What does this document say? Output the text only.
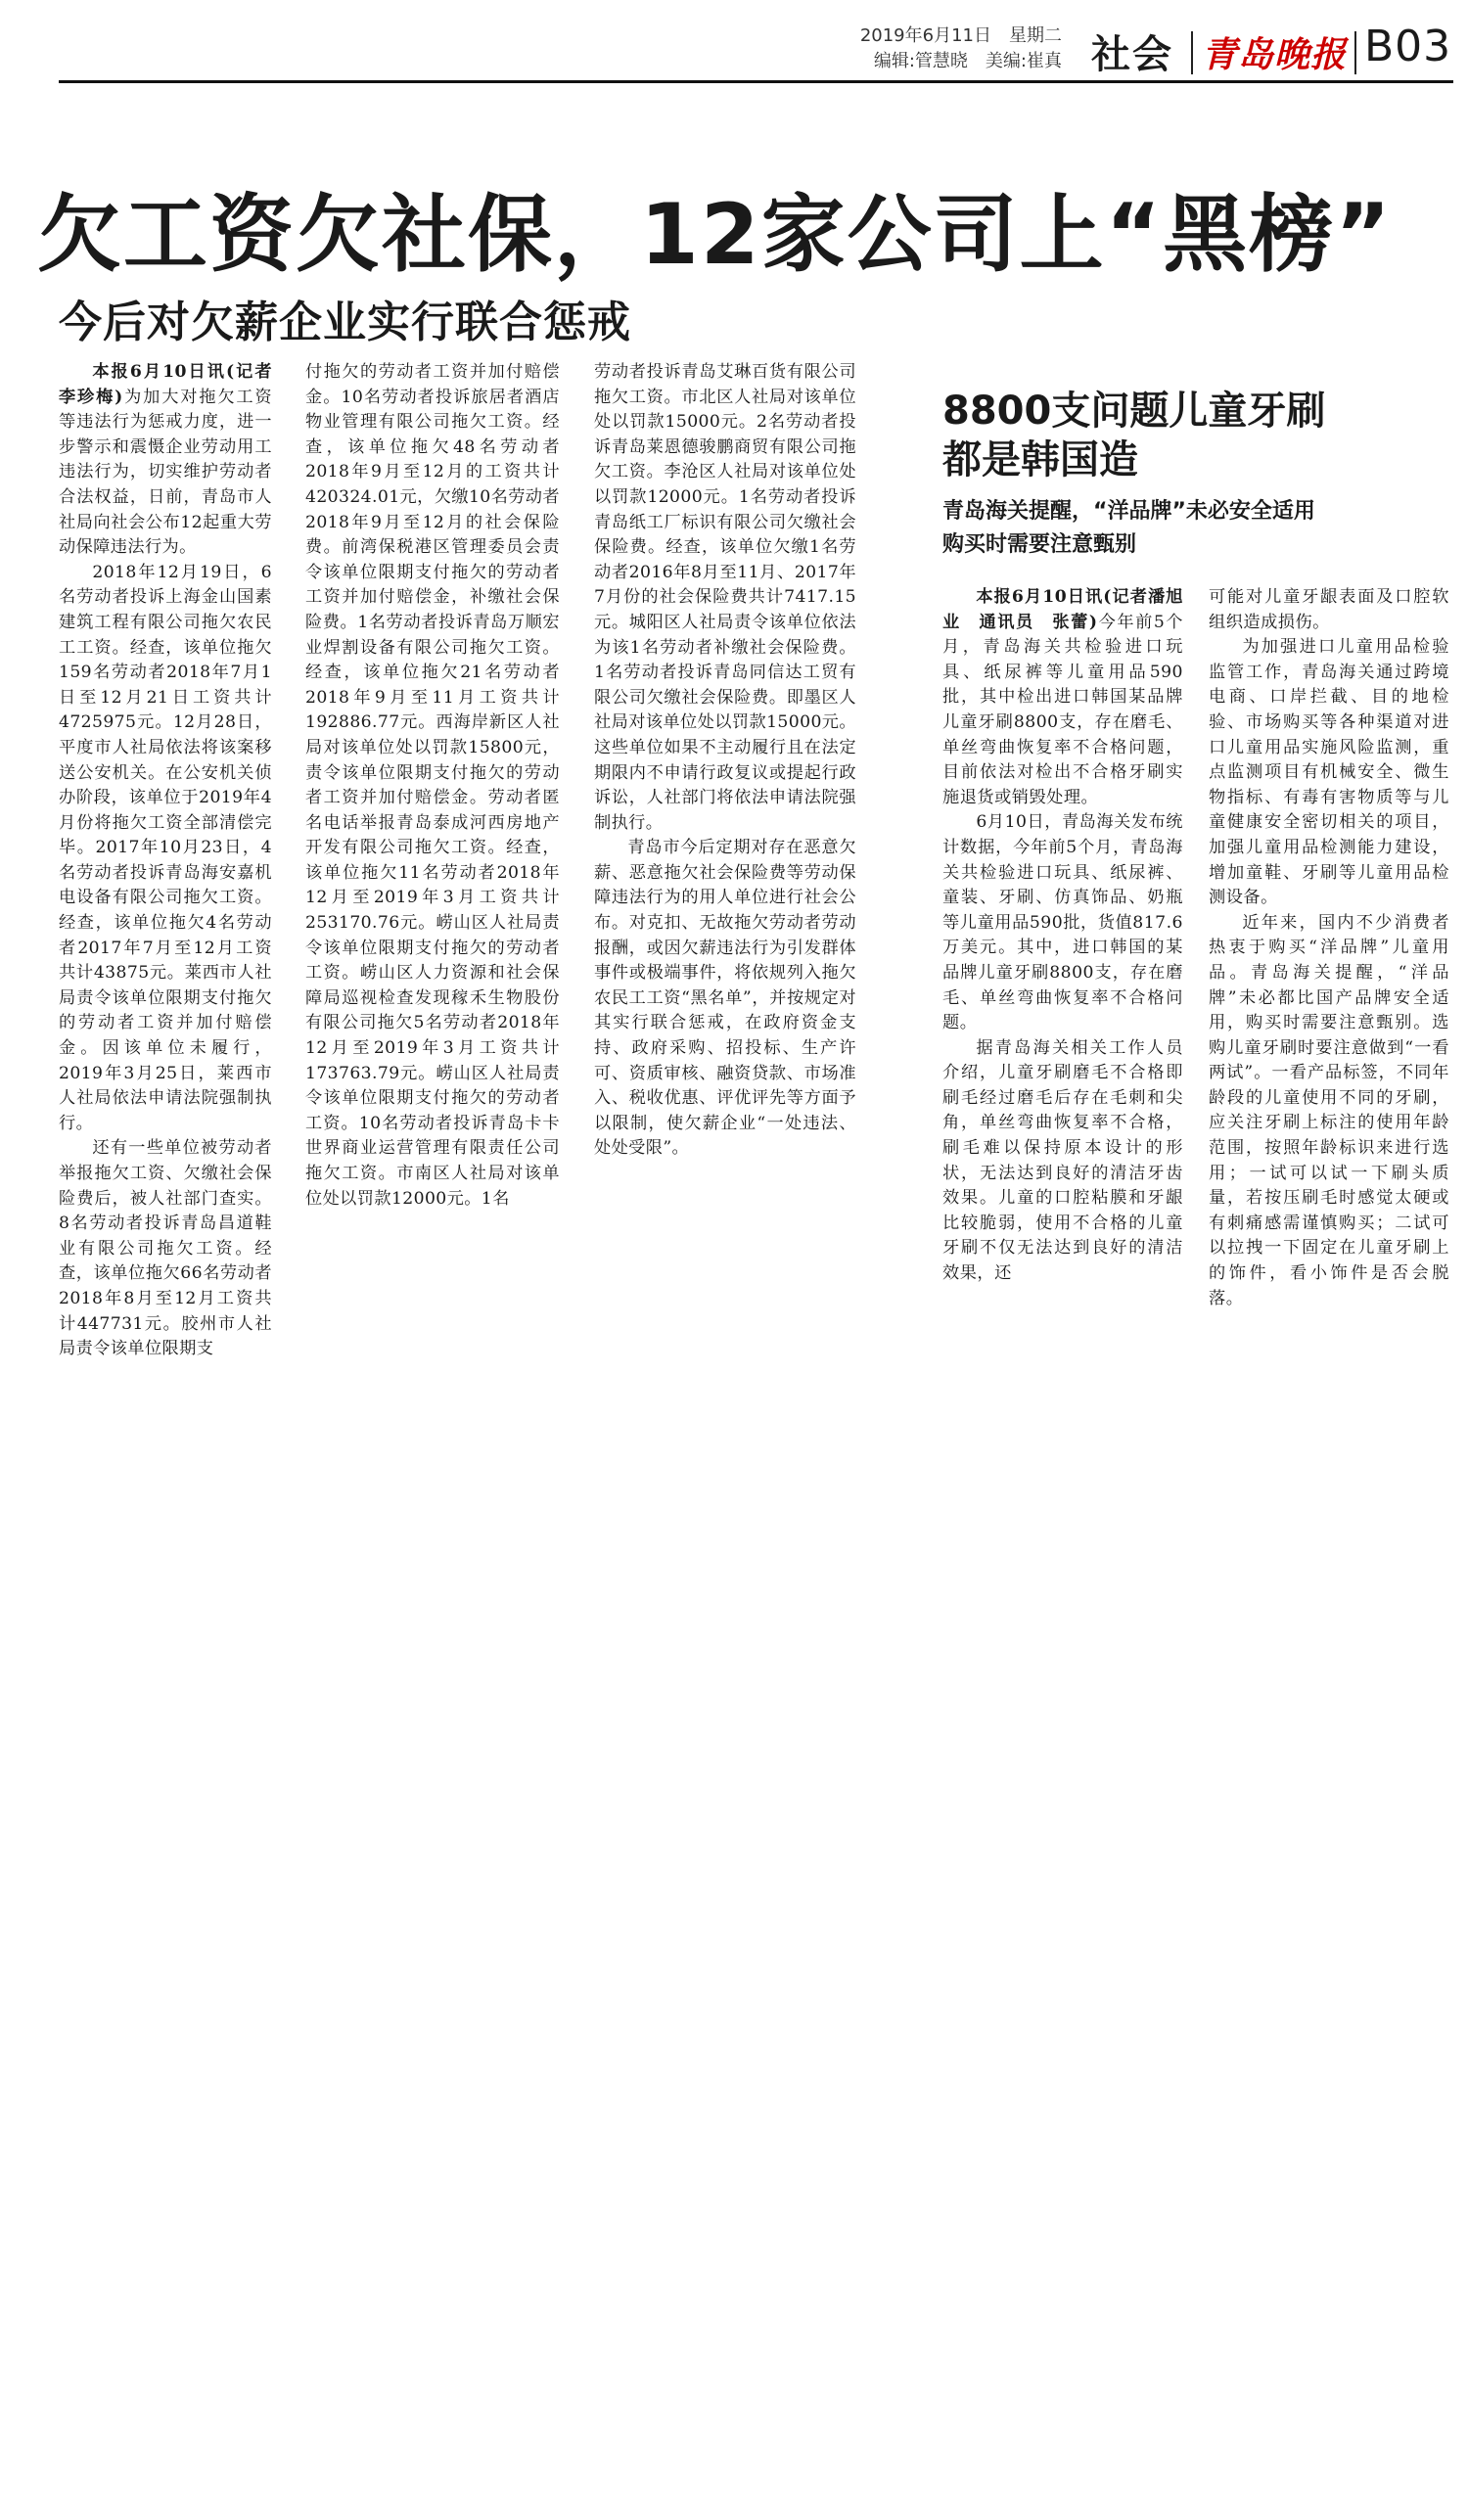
2019年6月11日　星期二
编辑:管慧晓　美编:崔真 社会 青岛晚报 B03
欠工资欠社保，12家公司上“黑榜”
今后对欠薪企业实行联合惩戒

本报6月10日讯(记者李珍梅)为加大对拖欠工资等违法行为惩戒力度，进一步警示和震慑企业劳动用工违法行为，切实维护劳动者合法权益，日前，青岛市人社局向社会公布12起重大劳动保障违法行为。

2018年12月19日，6名劳动者投诉上海金山国素建筑工程有限公司拖欠农民工工资。经查，该单位拖欠159名劳动者2018年7月1日至12月21日工资共计4725975元。12月28日，平度市人社局依法将该案移送公安机关。在公安机关侦办阶段，该单位于2019年4月份将拖欠工资全部清偿完毕。2017年10月23日，4名劳动者投诉青岛海安嘉机电设备有限公司拖欠工资。经查，该单位拖欠4名劳动者2017年7月至12月工资共计43875元。莱西市人社局责令该单位限期支付拖欠的劳动者工资并加付赔偿金。因该单位未履行，2019年3月25日，莱西市人社局依法申请法院强制执行。

还有一些单位被劳动者举报拖欠工资、欠缴社会保险费后，被人社部门查实。8名劳动者投诉青岛昌道鞋业有限公司拖欠工资。经查，该单位拖欠66名劳动者2018年8月至12月工资共计447731元。胶州市人社局责令该单位限期支

付拖欠的劳动者工资并加付赔偿金。10名劳动者投诉旅居者酒店物业管理有限公司拖欠工资。经查，该单位拖欠48名劳动者2018年9月至12月的工资共计420324.01元，欠缴10名劳动者2018年9月至12月的社会保险费。前湾保税港区管理委员会责令该单位限期支付拖欠的劳动者工资并加付赔偿金，补缴社会保险费。1名劳动者投诉青岛万顺宏业焊割设备有限公司拖欠工资。经查，该单位拖欠21名劳动者2018年9月至11月工资共计192886.77元。西海岸新区人社局对该单位处以罚款15800元，责令该单位限期支付拖欠的劳动者工资并加付赔偿金。劳动者匿名电话举报青岛泰成河西房地产开发有限公司拖欠工资。经查，该单位拖欠11名劳动者2018年12月至2019年3月工资共计253170.76元。崂山区人社局责令该单位限期支付拖欠的劳动者工资。崂山区人力资源和社会保障局巡视检查发现稼禾生物股份有限公司拖欠5名劳动者2018年12月至2019年3月工资共计173763.79元。崂山区人社局责令该单位限期支付拖欠的劳动者工资。10名劳动者投诉青岛卡卡世界商业运营管理有限责任公司拖欠工资。市南区人社局对该单位处以罚款12000元。1名

劳动者投诉青岛艾琳百货有限公司拖欠工资。市北区人社局对该单位处以罚款15000元。2名劳动者投诉青岛莱恩德骏鹏商贸有限公司拖欠工资。李沧区人社局对该单位处以罚款12000元。1名劳动者投诉青岛纸工厂标识有限公司欠缴社会保险费。经查，该单位欠缴1名劳动者2016年8月至11月、2017年7月份的社会保险费共计7417.15元。城阳区人社局责令该单位依法为该1名劳动者补缴社会保险费。1名劳动者投诉青岛同信达工贸有限公司欠缴社会保险费。即墨区人社局对该单位处以罚款15000元。这些单位如果不主动履行且在法定期限内不申请行政复议或提起行政诉讼，人社部门将依法申请法院强制执行。

青岛市今后定期对存在恶意欠薪、恶意拖欠社会保险费等劳动保障违法行为的用人单位进行社会公布。对克扣、无故拖欠劳动者劳动报酬，或因欠薪违法行为引发群体事件或极端事件，将依规列入拖欠农民工工资“黑名单”，并按规定对其实行联合惩戒，在政府资金支持、政府采购、招投标、生产许可、资质审核、融资贷款、市场准入、税收优惠、评优评先等方面予以限制，使欠薪企业“一处违法、处处受限”。

8800支问题儿童牙刷
都是韩国造
青岛海关提醒，“洋品牌”未必安全适用
购买时需要注意甄别

本报6月10日讯(记者潘旭业　通讯员　张蕾)今年前5个月，青岛海关共检验进口玩具、纸尿裤等儿童用品590批，其中检出进口韩国某品牌儿童牙刷8800支，存在磨毛、单丝弯曲恢复率不合格问题，目前依法对检出不合格牙刷实施退货或销毁处理。

6月10日，青岛海关发布统计数据，今年前5个月，青岛海关共检验进口玩具、纸尿裤、童装、牙刷、仿真饰品、奶瓶等儿童用品590批，货值817.6万美元。其中，进口韩国的某品牌儿童牙刷8800支，存在磨毛、单丝弯曲恢复率不合格问题。

据青岛海关相关工作人员介绍，儿童牙刷磨毛不合格即刷毛经过磨毛后存在毛刺和尖角，单丝弯曲恢复率不合格，刷毛难以保持原本设计的形状，无法达到良好的清洁牙齿效果。儿童的口腔粘膜和牙龈比较脆弱，使用不合格的儿童牙刷不仅无法达到良好的清洁效果，还

可能对儿童牙龈表面及口腔软组织造成损伤。

为加强进口儿童用品检验监管工作，青岛海关通过跨境电商、口岸拦截、目的地检验、市场购买等各种渠道对进口儿童用品实施风险监测，重点监测项目有机械安全、微生物指标、有毒有害物质等与儿童健康安全密切相关的项目，加强儿童用品检测能力建设，增加童鞋、牙刷等儿童用品检测设备。

近年来，国内不少消费者热衷于购买“洋品牌”儿童用品。青岛海关提醒，“洋品牌”未必都比国产品牌安全适用，购买时需要注意甄别。选购儿童牙刷时要注意做到“一看两试”。一看产品标签，不同年龄段的儿童使用不同的牙刷，应关注牙刷上标注的使用年龄范围，按照年龄标识来进行选用；一试可以试一下刷头质量，若按压刷毛时感觉太硬或有刺痛感需谨慎购买；二试可以拉拽一下固定在儿童牙刷上的饰件，看小饰件是否会脱落。
